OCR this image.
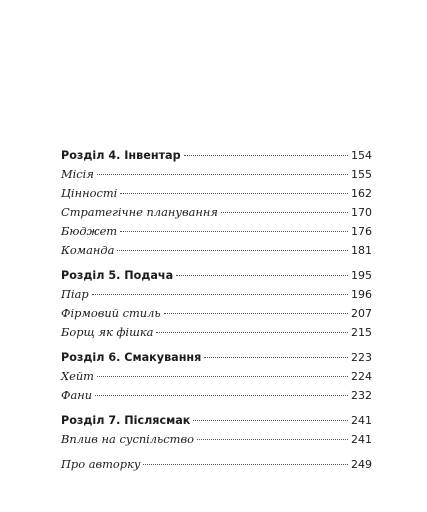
Розділ 4. Інвентар	154
Місія	155
Цінності	162
Стратегічне планування	170
Бюджет	176
Команда	181
Розділ 5. Подача	195
Піар	196
Фірмовий стиль	207
Борщ як фішка	215
Розділ 6. Смакування	223
Хейт	224
Фани	232
Розділ 7. Післясмак	241
Вплив на суспільство	241
Про авторку	249
